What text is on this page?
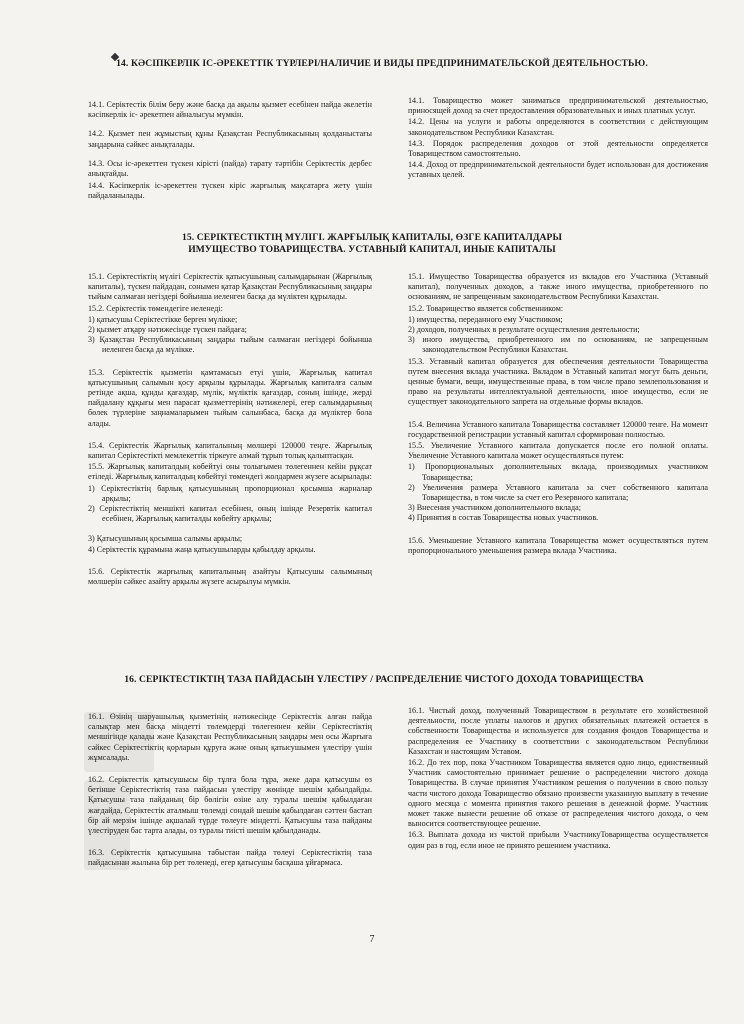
14. КӘСІПКЕРЛІК ІС-ӘРЕКЕТТІК ТҮРЛЕРІ/НАЛИЧИЕ И ВИДЫ ПРЕДПРИНИМАТЕЛЬСКОЙ ДЕЯТЕЛЬНОСТЬЮ.

14.1. Серіктестік білім беру және басқа да ақылы қызмет есебінен пайда әкелетін кәсіпкерлік іс- әрекетпен айналысуы мүмкін.

14.2. Қызмет пен жұмыстың құны Қазақстан Республикасының қолданыстағы заңдарына сәйкес анықталады.

14.3. Осы іс-әрекеттен түскен кірісті (пайда) тарату тәртібін Серіктестік дербес анықтайды.

14.4. Кәсіпкерлік іс-әрекеттен түскен кіріс жарғылық мақсатарға жету үшін пайдаланылады.

14.1. Товарищество может заниматься предпринимательской деятельностью, приносящей доход за счет предоставления образовательных и иных платных услуг.

14.2. Цены на услуги и работы определяются в соответствии с действующим законодательством Республики Казахстан.

14.3. Порядок распределения доходов от этой деятельности определяется Товариществом самостоятельно.

14.4. Доход от предпринимательской деятельности будет использован для достижения уставных целей.

15. СЕРІКТЕСТІКТІҢ МҮЛІГІ. ЖАРҒЫЛЫҚ КАПИТАЛЫ, ӨЗГЕ КАПИТАЛДАРЫ
ИМУЩЕСТВО ТОВАРИЩЕСТВА. УСТАВНЫЙ КАПИТАЛ, ИНЫЕ КАПИТАЛЫ

15.1. Серіктестіктің мүлігі Серіктестік қатысушының салымдарынан (Жарғылық капиталы), түскен пайдадан, сонымен қатар Қазақстан Республикасының заңдары тыйым салмаған негіздері бойынша иеленген басқа да мүліктен құрылады.

15.2. Серіктестік төмендегіге иеленеді:

1) қатысушы Серіктестікке берген мүлікке;
2) қызмет атқару нәтижесінде түскен пайдаға;
3) Қазақстан Республикасының заңдары тыйым салмаған негіздері бойынша иеленген басқа да мүлікке.

15.3. Серіктестік қызметін қамтамасыз етуі үшін, Жарғылық капитал қатысушының салымын қосу арқылы құрылады. Жарғылық капиталға салым ретінде ақша, құнды қағаздар, мүлік, мүліктік қағаздар, соның ішінде, жерді пайдалану құқығы мен парасат қызметтерінің нәтижелері, егер салымдарының бөлек түрлеріне заңнамаларымен тыйым салынбаса, басқа да мүліктер бола алады.

15.4. Серіктестік Жарғылық капиталының мөлшері 120000 теңге. Жарғылық капитал Серіктестікті мемлекеттік тіркеуге алмай тұрып толық қалыптасқан.

15.5. Жарғылық капиталдың көбейтуі оны толығымен төлегеннен кейін рұқсат етіледі. Жарғылық капиталдың көбейтуі төмендегі жолдармен жүзеге асырылады:

1) Серіктестіктің барлық қатысушының пропорционал қосымша жарналар арқылы;
2) Серіктестіктің меншікті капитал есебінен, оның ішінде Резервтік капитал есебінен, Жарғылық капиталды көбейту арқылы;
3) Қатысушының қосымша салымы арқылы;
4) Серіктестік құрамына жаңа қатысушыларды қабылдау арқылы.

15.6. Серіктестік жарғылық капиталының азайтуы Қатысушы салымының мөлшерін сәйкес азайту арқылы жүзеге асырылуы мүмкін.

15.1. Имущество Товарищества образуется из вкладов его Участника (Уставный капитал), полученных доходов, а также иного имущества, приобретенного по основаниям, не запрещенным законодательством Республики Казахстан.

15.2. Товарищество является собственником:

1) имущества, переданного ему Участником;
2) доходов, полученных в результате осуществления деятельности;
3) иного имущества, приобретенного им по основаниям, не запрещенным законодательством Республики Казахстан.

15.3. Уставный капитал образуется для обеспечения деятельности Товарищества путем внесения вклада участника. Вкладом в Уставный капитал могут быть деньги, ценные бумаги, вещи, имущественные права, в том числе право землепользования и право на результаты интеллектуальной деятельности, иное имущество, если не существует законодательного запрета на отдельные формы вкладов.

15.4. Величина Уставного капитала Товарищества составляет 120000 тенге. На момент государственной регистрации уставный капитал сформирован полностью.

15.5. Увеличение Уставного капитала допускается после его полной оплаты. Увеличение Уставного капитала может осуществляться путем:

1) Пропорциональных дополнительных вклада, производимых участником Товарищества;
2) Увеличения размера Уставного капитала за счет собственного капитала Товарищества, в том числе за счет его Резервного капитала;
3) Внесения участником дополнительного вклада;
4) Принятия в состав Товарищества новых участников.

15.6. Уменьшение Уставного капитала Товарищества может осуществляться путем пропорционального уменьшения размера вклада Участника.

16. СЕРІКТЕСТІКТІҢ ТАЗА ПАЙДАСЫН ҮЛЕСТІРУ / РАСПРЕДЕЛЕНИЕ ЧИСТОГО ДОХОДА ТОВАРИЩЕСТВА

16.1. Өзінің шаруашылық қызметінің нәтижесінде Серіктестік алған пайда салықтар мен басқа міндетті төлемдерді төлегеннен кейін Серіктестіктің меншігінде қалады және Қазақстан Республикасының заңдары мен осы Жарғыға сәйкес Серіктестіктің қорларын құруға және оның қатысушымен үлестіру үшін жұмсалады.

16.2. Серіктестік қатысушысы бір тұлға бола тұра, жеке дара қатысушы өз бетінше Серіктестіктің таза пайдасын үлестіру жөнінде шешім қабылдайды. Қатысушы таза пайданың бір бөлігін өзіне алу туралы шешім қабылдаған жағдайда, Серіктестік аталмыш төлемді сондай шешім қабылдаған сәттен бастап бір ай мерзім ішінде ақшалай түрде төлеуге міндетті. Қатысушы таза пайданы үлестіруден бас тарта алады, оз туралы тиісті шешім қабылданады.

16.3. Серіктестік қатысушына табыстан пайда төлеуі Серіктестіктің таза пайдасынан жылына бір рет төленеді, егер қатысушы басқаша ұйғармаса.

16.1. Чистый доход, полученный Товариществом в результате его хозяйственной деятельности, после уплаты налогов и других обязательных платежей остается в собственности Товарищества и используется для создания фондов Товарищества и распределения ее Участнику в соответствии с законодательством Республики Казахстан и настоящим Уставом.

16.2. До тех пор, пока Участником Товарищества является одно лицо, единственный Участник самостоятельно принимает решение о распределении чистого дохода Товарищества. В случае принятия Участником решения о получении в свою пользу части чистого дохода Товарищество обязано произвести указанную выплату в течение одного месяца с момента принятия такого решения в денежной форме. Участник может также вынести решение об отказе от распределения чистого дохода, о чем выносится соответствующее решение.

16.3. Выплата дохода из чистой прибыли УчастникуТоварищества осуществляется один раз в год, если иное не принято решением участника.

7
